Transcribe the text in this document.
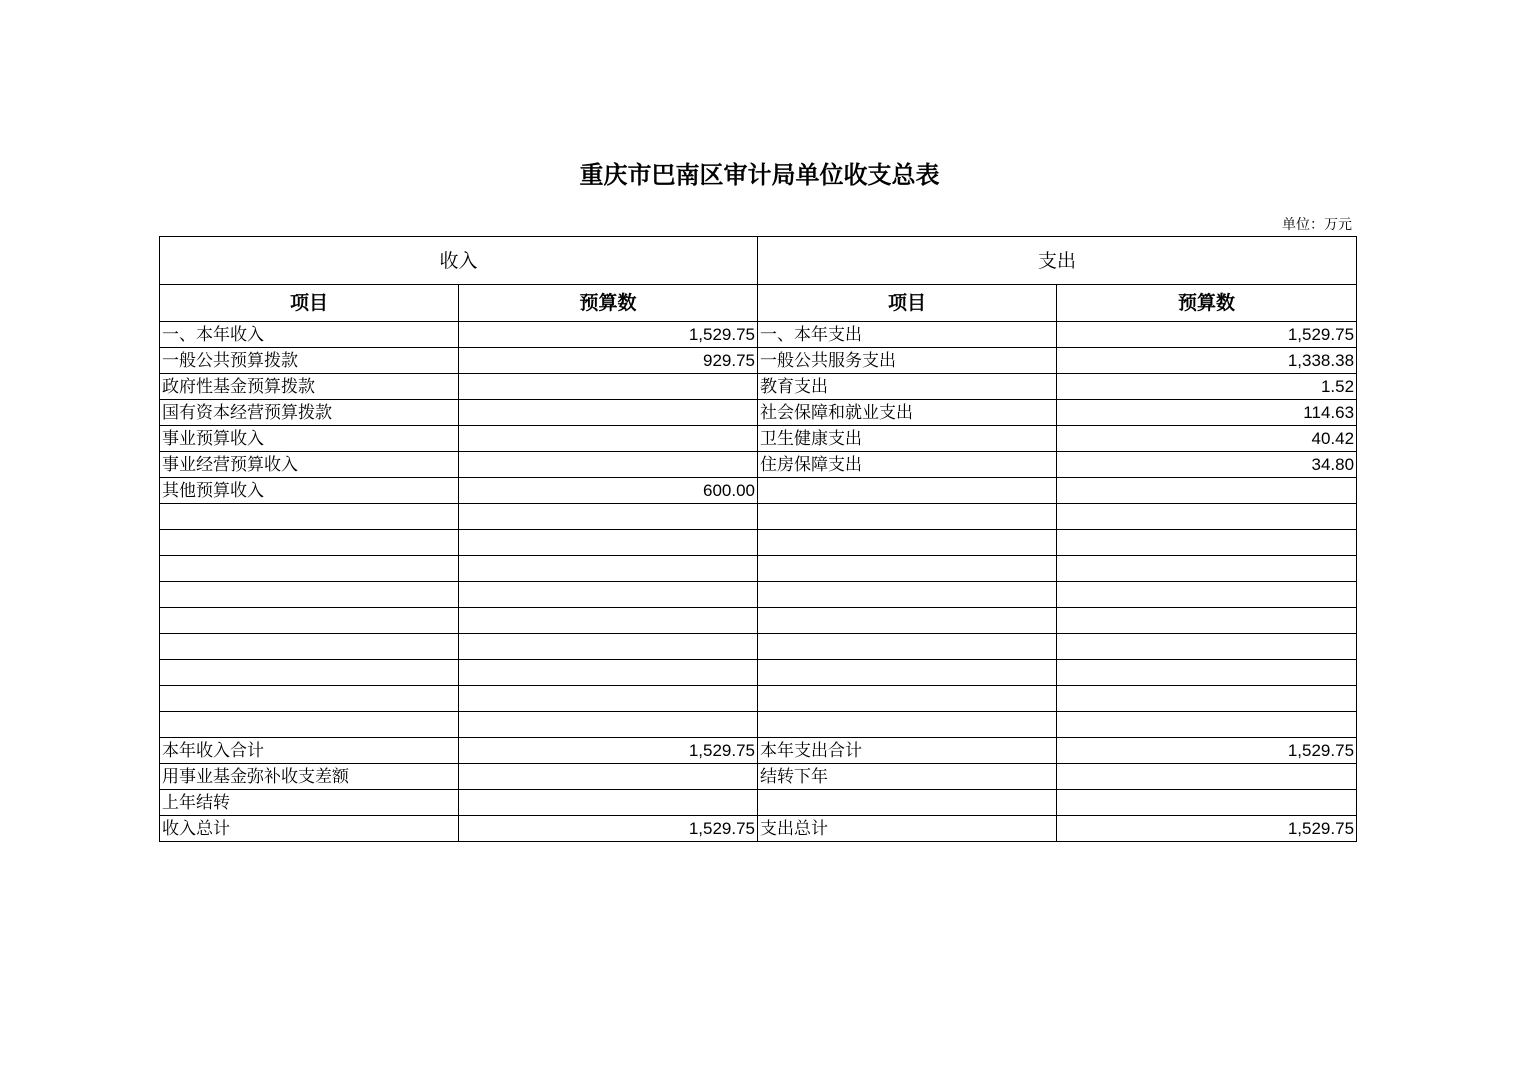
重庆市巴南区审计局单位收支总表
单位：万元
收入		支出	
项目	预算数	项目	预算数
一、本年收入	1,529.75	一、本年支出	1,529.75
一般公共预算拨款	929.75	一般公共服务支出	1,338.38
政府性基金预算拨款		教育支出	1.52
国有资本经营预算拨款		社会保障和就业支出	114.63
事业预算收入		卫生健康支出	40.42
事业经营预算收入		住房保障支出	34.80
其他预算收入	600.00		

本年收入合计	1,529.75	本年支出合计	1,529.75
用事业基金弥补收支差额		结转下年	
上年结转			
收入总计	1,529.75	支出总计	1,529.75
